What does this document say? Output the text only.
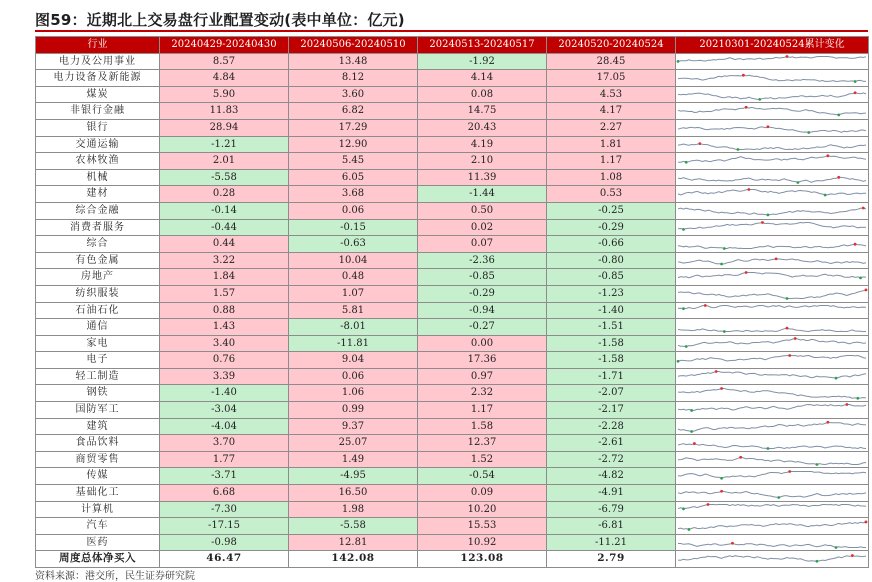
图59：近期北上交易盘行业配置变动(表中单位：亿元)
行业	20240429-20240430	20240506-20240510	20240513-20240517	20240520-20240524	20210301-20240524累计变化
电力及公用事业	8.57	13.48	-1.92	28.45	

电力设备及新能源	4.84	8.12	4.14	17.05	

煤炭	5.90	3.60	0.08	4.53	

非银行金融	11.83	6.82	14.75	4.17	

银行	28.94	17.29	20.43	2.27	

交通运输	-1.21	12.90	4.19	1.81	

农林牧渔	2.01	5.45	2.10	1.17	

机械	-5.58	6.05	11.39	1.08	

建材	0.28	3.68	-1.44	0.53	

综合金融	-0.14	0.06	0.50	-0.25	

消费者服务	-0.44	-0.15	0.02	-0.29	

综合	0.44	-0.63	0.07	-0.66	

有色金属	3.22	10.04	-2.36	-0.80	

房地产	1.84	0.48	-0.85	-0.85	

纺织服装	1.57	1.07	-0.29	-1.23	

石油石化	0.88	5.81	-0.94	-1.40	

通信	1.43	-8.01	-0.27	-1.51	

家电	3.40	-11.81	0.00	-1.58	

电子	0.76	9.04	17.36	-1.58	

轻工制造	3.39	0.06	0.97	-1.71	

钢铁	-1.40	1.06	2.32	-2.07	

国防军工	-3.04	0.99	1.17	-2.17	

建筑	-4.04	9.37	1.58	-2.28	

食品饮料	3.70	25.07	12.37	-2.61	

商贸零售	1.77	1.49	1.52	-2.72	

传媒	-3.71	-4.95	-0.54	-4.82	

基础化工	6.68	16.50	0.09	-4.91	

计算机	-7.30	1.98	10.20	-6.79	

汽车	-17.15	-5.58	15.53	-6.81	

医药	-0.98	12.81	10.92	-11.21	

周度总体净买入	46.47	142.08	123.08	2.79	
资料来源：港交所，民生证券研究院
